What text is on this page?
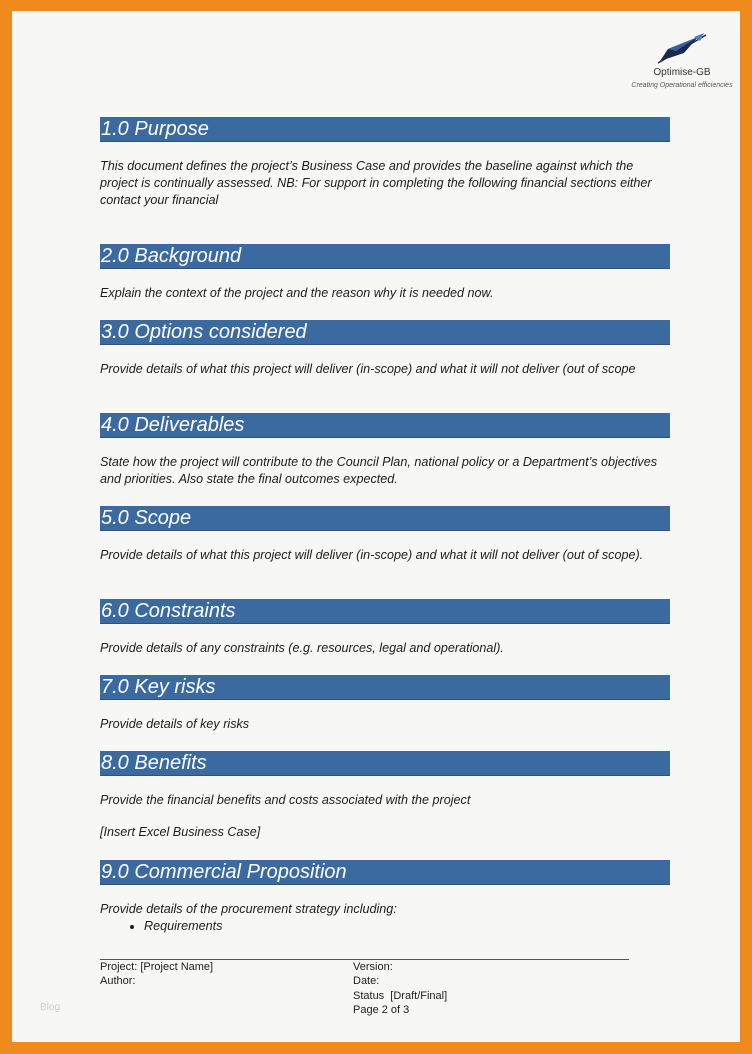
Optimise-GB
Creating Operational efficiencies
1.0 Purpose
This document defines the project’s Business Case and provides the baseline against which the project is continually assessed. NB: For support in completing the following financial sections either contact your financial
2.0 Background
Explain the context of the project and the reason why it is needed now.
3.0 Options considered
Provide details of what this project will deliver (in-scope) and what it will not deliver (out of scope
4.0 Deliverables
State how the project will contribute to the Council Plan, national policy or a Department’s objectives and priorities. Also state the final outcomes expected.
5.0 Scope
Provide details of what this project will deliver (in-scope) and what it will not deliver (out of scope).
6.0 Constraints
Provide details of any constraints (e.g. resources, legal and operational).
7.0 Key risks
Provide details of key risks
8.0 Benefits
Provide the financial benefits and costs associated with the project
[Insert Excel Business Case]
9.0 Commercial Proposition
Provide details of the procurement strategy including:
• Requirements
Project: [Project Name]
Author:
Version:
Date:
Status  [Draft/Final]
Page 2 of 3
Blog
